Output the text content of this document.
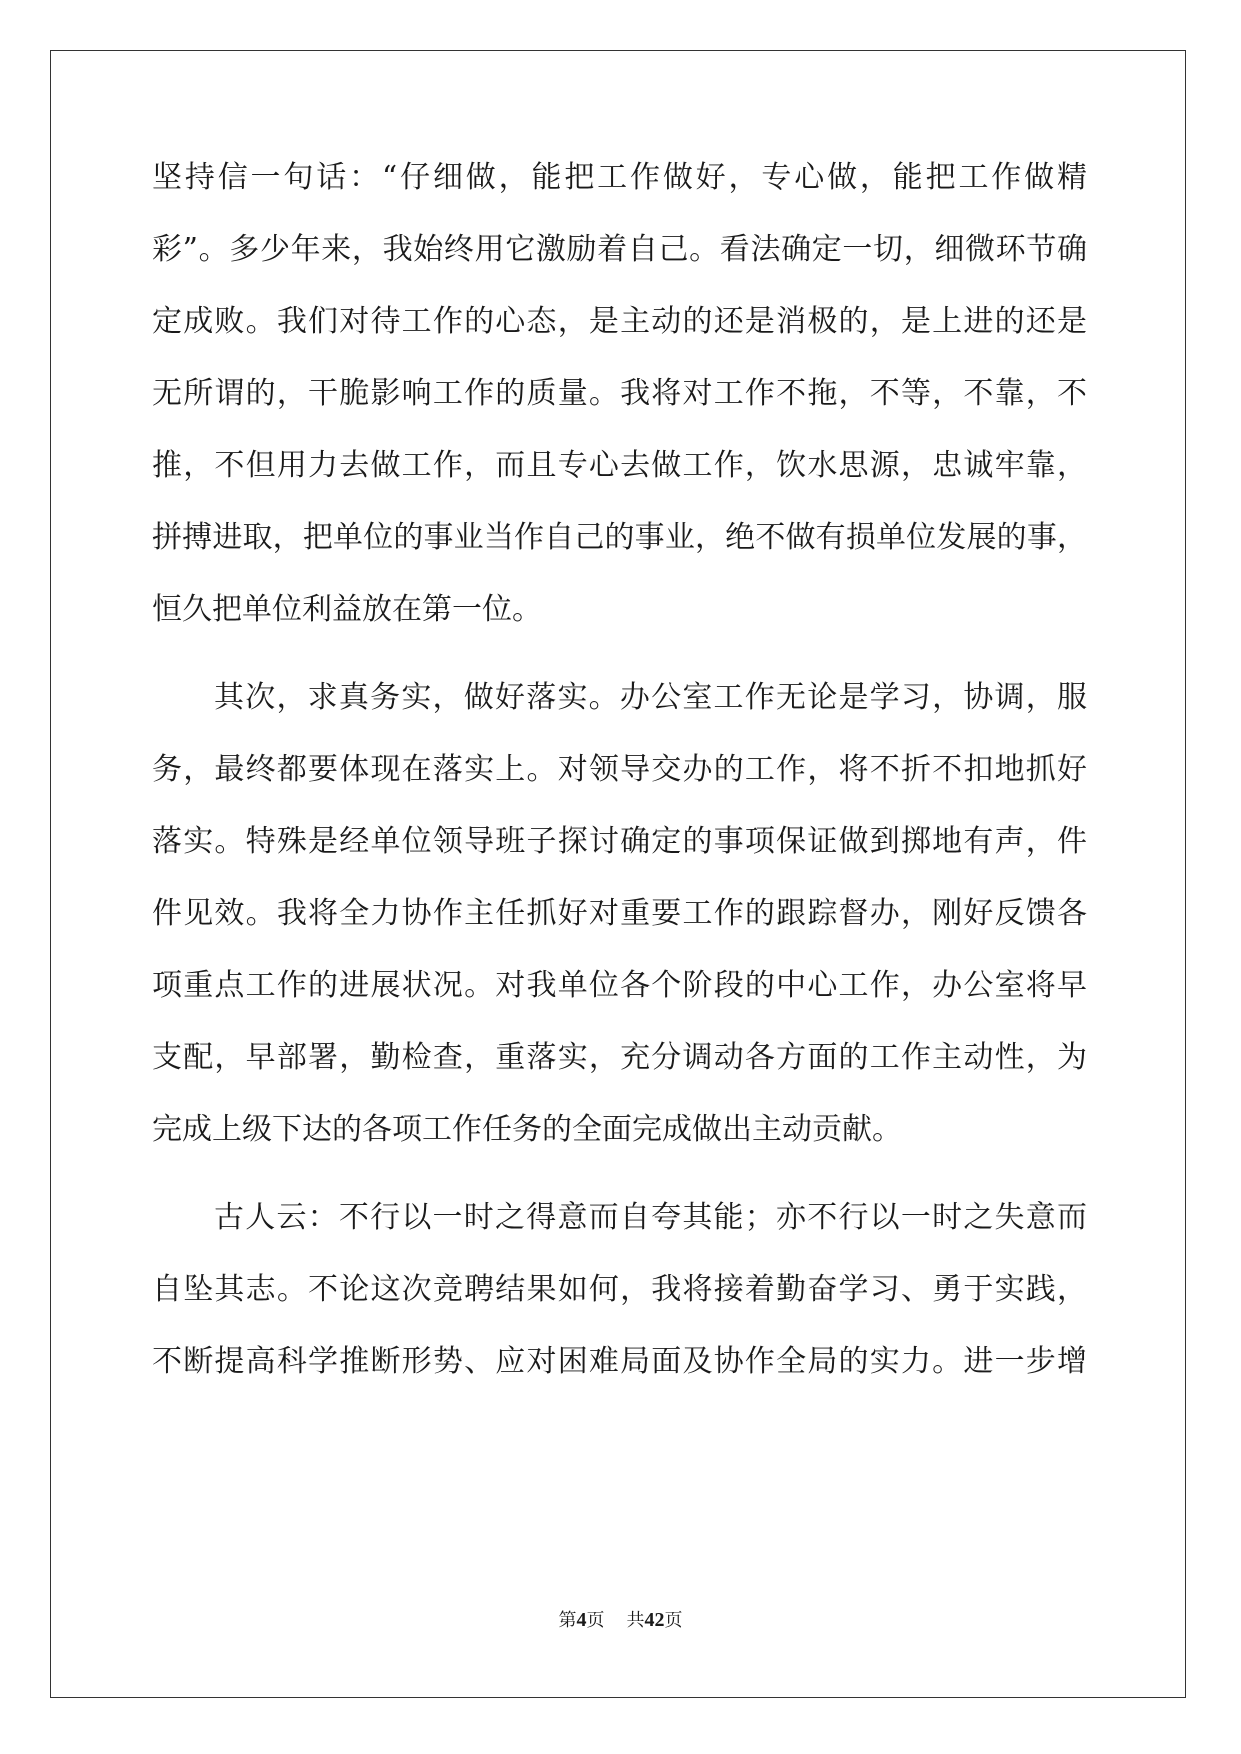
坚持信一句话：“仔细做，能把工作做好，专心做，能把工作做精
彩”。多少年来，我始终用它激励着自己。看法确定一切，细微环节确
定成败。我们对待工作的心态，是主动的还是消极的，是上进的还是
无所谓的，干脆影响工作的质量。我将对工作不拖，不等，不靠，不
推，不但用力去做工作，而且专心去做工作，饮水思源，忠诚牢靠，
拼搏进取，把单位的事业当作自己的事业，绝不做有损单位发展的事，
恒久把单位利益放在第一位。
其次，求真务实，做好落实。办公室工作无论是学习，协调，服
务，最终都要体现在落实上。对领导交办的工作，将不折不扣地抓好
落实。特殊是经单位领导班子探讨确定的事项保证做到掷地有声，件
件见效。我将全力协作主任抓好对重要工作的跟踪督办，刚好反馈各
项重点工作的进展状况。对我单位各个阶段的中心工作，办公室将早
支配，早部署，勤检查，重落实，充分调动各方面的工作主动性，为
完成上级下达的各项工作任务的全面完成做出主动贡献。
古人云：不行以一时之得意而自夸其能；亦不行以一时之失意而
自坠其志。不论这次竞聘结果如何，我将接着勤奋学习、勇于实践，
不断提高科学推断形势、应对困难局面及协作全局的实力。进一步增
第4页 共42页
